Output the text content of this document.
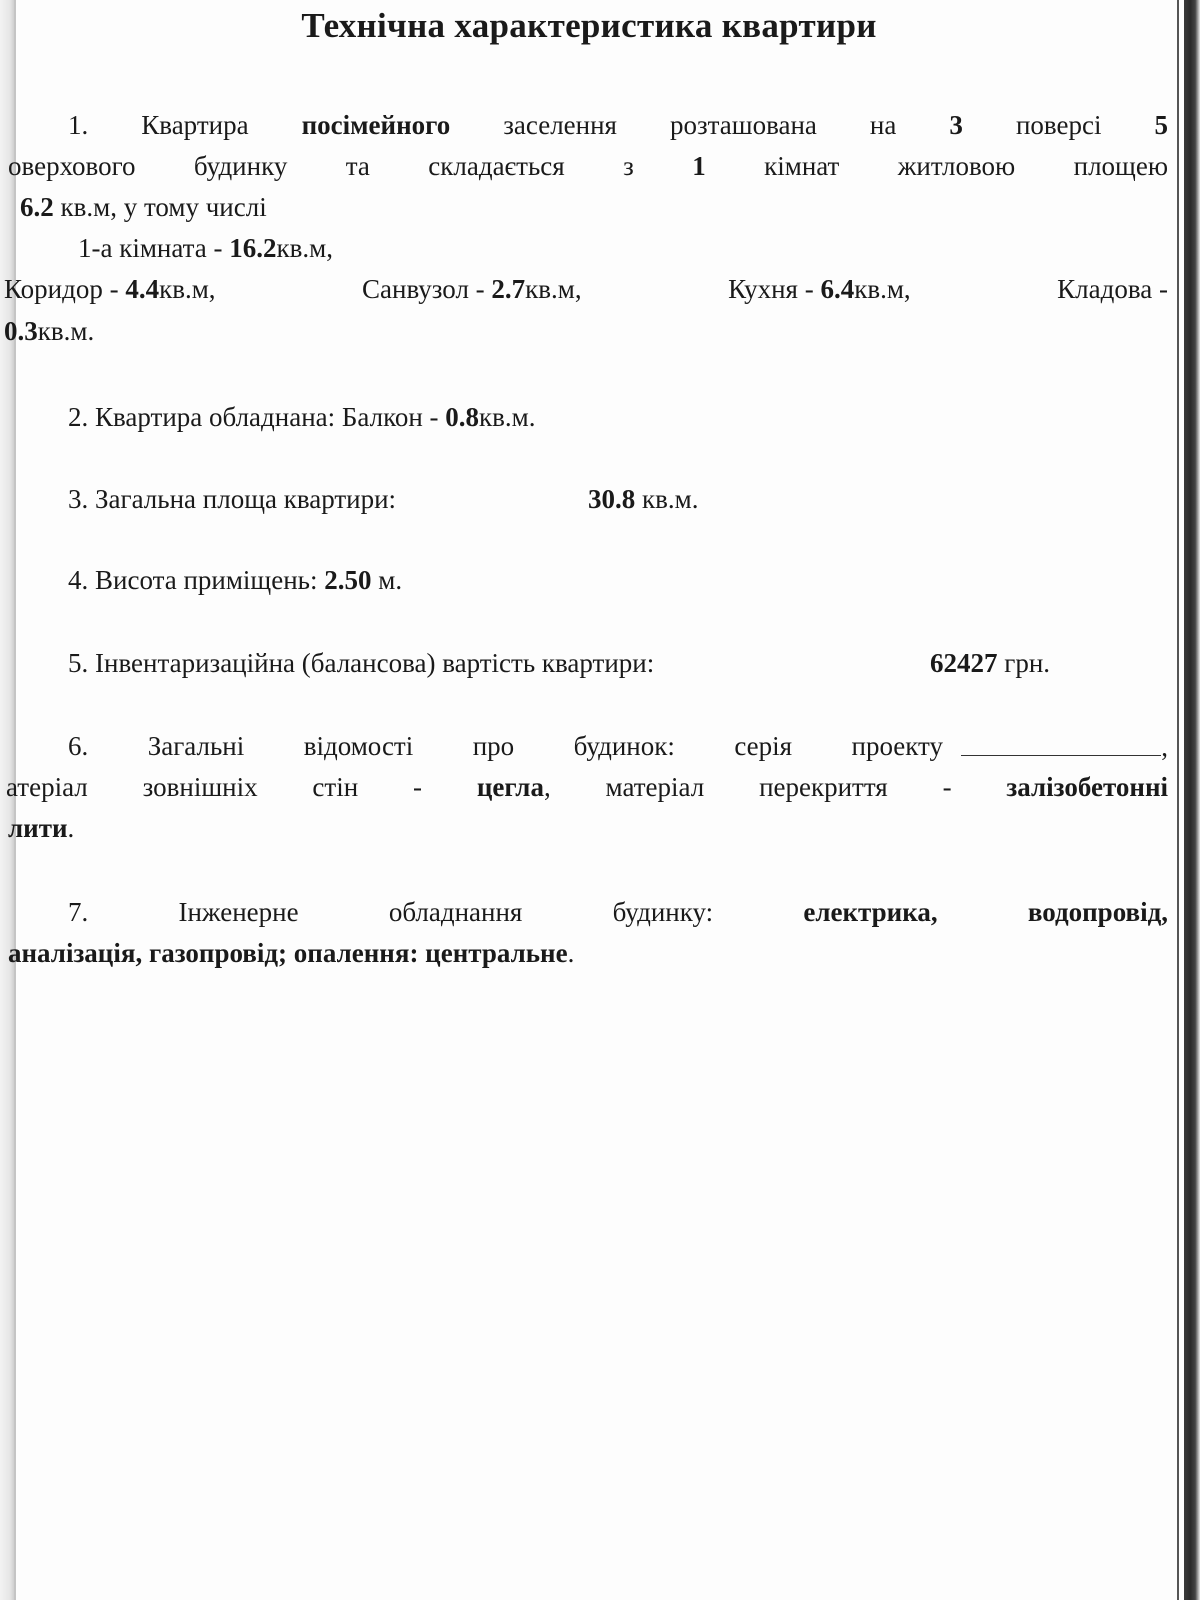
Технічна характеристика квартири
1. Квартира посімейного заселення розташована на 3 поверсі 5
оверхового будинку та складається з 1 кімнат житловою площею
6.2 кв.м, у тому числі
1-а кімната - 16.2кв.м,
Коридор - 4.4кв.м,	Санвузол - 2.7кв.м,	Кухня - 6.4кв.м,	Кладова -
0.3кв.м.
2. Квартира обладнана: Балкон - 0.8кв.м.
3. Загальна площа квартири:	30.8 кв.м.
4. Висота приміщень: 2.50 м.
5. Інвентаризаційна (балансова) вартість квартири:	62427 грн.
6. Загальні відомості про будинок: серія проекту	,
атеріал зовнішніх стін - цегла, матеріал перекриття - залізобетонні
лити.
7. Інженерне обладнання будинку: електрика, водопровід,
аналізація, газопровід; опалення: центральне.
